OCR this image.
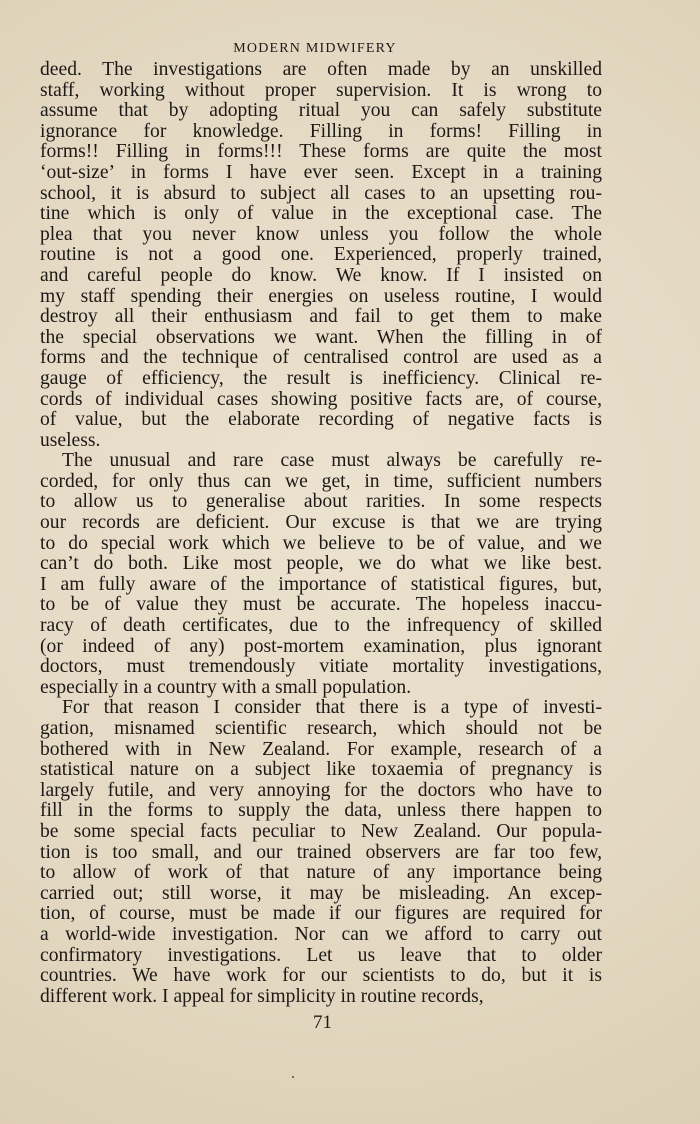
MODERN MIDWIFERY
deed. The investigations are often made by an unskilled
staff, working without proper supervision. It is wrong to
assume that by adopting ritual you can safely substitute
ignorance for knowledge. Filling in forms! Filling in
forms!! Filling in forms!!! These forms are quite the most
‘out-size’ in forms I have ever seen. Except in a training
school, it is absurd to subject all cases to an upsetting rou-
tine which is only of value in the exceptional case. The
plea that you never know unless you follow the whole
routine is not a good one. Experienced, properly trained,
and careful people do know. We know. If I insisted on
my staff spending their energies on useless routine, I would
destroy all their enthusiasm and fail to get them to make
the special observations we want. When the filling in of
forms and the technique of centralised control are used as a
gauge of efficiency, the result is inefficiency. Clinical re-
cords of individual cases showing positive facts are, of course,
of value, but the elaborate recording of negative facts is
useless.
The unusual and rare case must always be carefully re-
corded, for only thus can we get, in time, sufficient numbers
to allow us to generalise about rarities. In some respects
our records are deficient. Our excuse is that we are trying
to do special work which we believe to be of value, and we
can’t do both. Like most people, we do what we like best.
I am fully aware of the importance of statistical figures, but,
to be of value they must be accurate. The hopeless inaccu-
racy of death certificates, due to the infrequency of skilled
(or indeed of any) post-mortem examination, plus ignorant
doctors, must tremendously vitiate mortality investigations,
especially in a country with a small population.
For that reason I consider that there is a type of investi-
gation, misnamed scientific research, which should not be
bothered with in New Zealand. For example, research of a
statistical nature on a subject like toxaemia of pregnancy is
largely futile, and very annoying for the doctors who have to
fill in the forms to supply the data, unless there happen to
be some special facts peculiar to New Zealand. Our popula-
tion is too small, and our trained observers are far too few,
to allow of work of that nature of any importance being
carried out; still worse, it may be misleading. An excep-
tion, of course, must be made if our figures are required for
a world-wide investigation. Nor can we afford to carry out
confirmatory investigations. Let us leave that to older
countries. We have work for our scientists to do, but it is
different work. I appeal for simplicity in routine records,
71
